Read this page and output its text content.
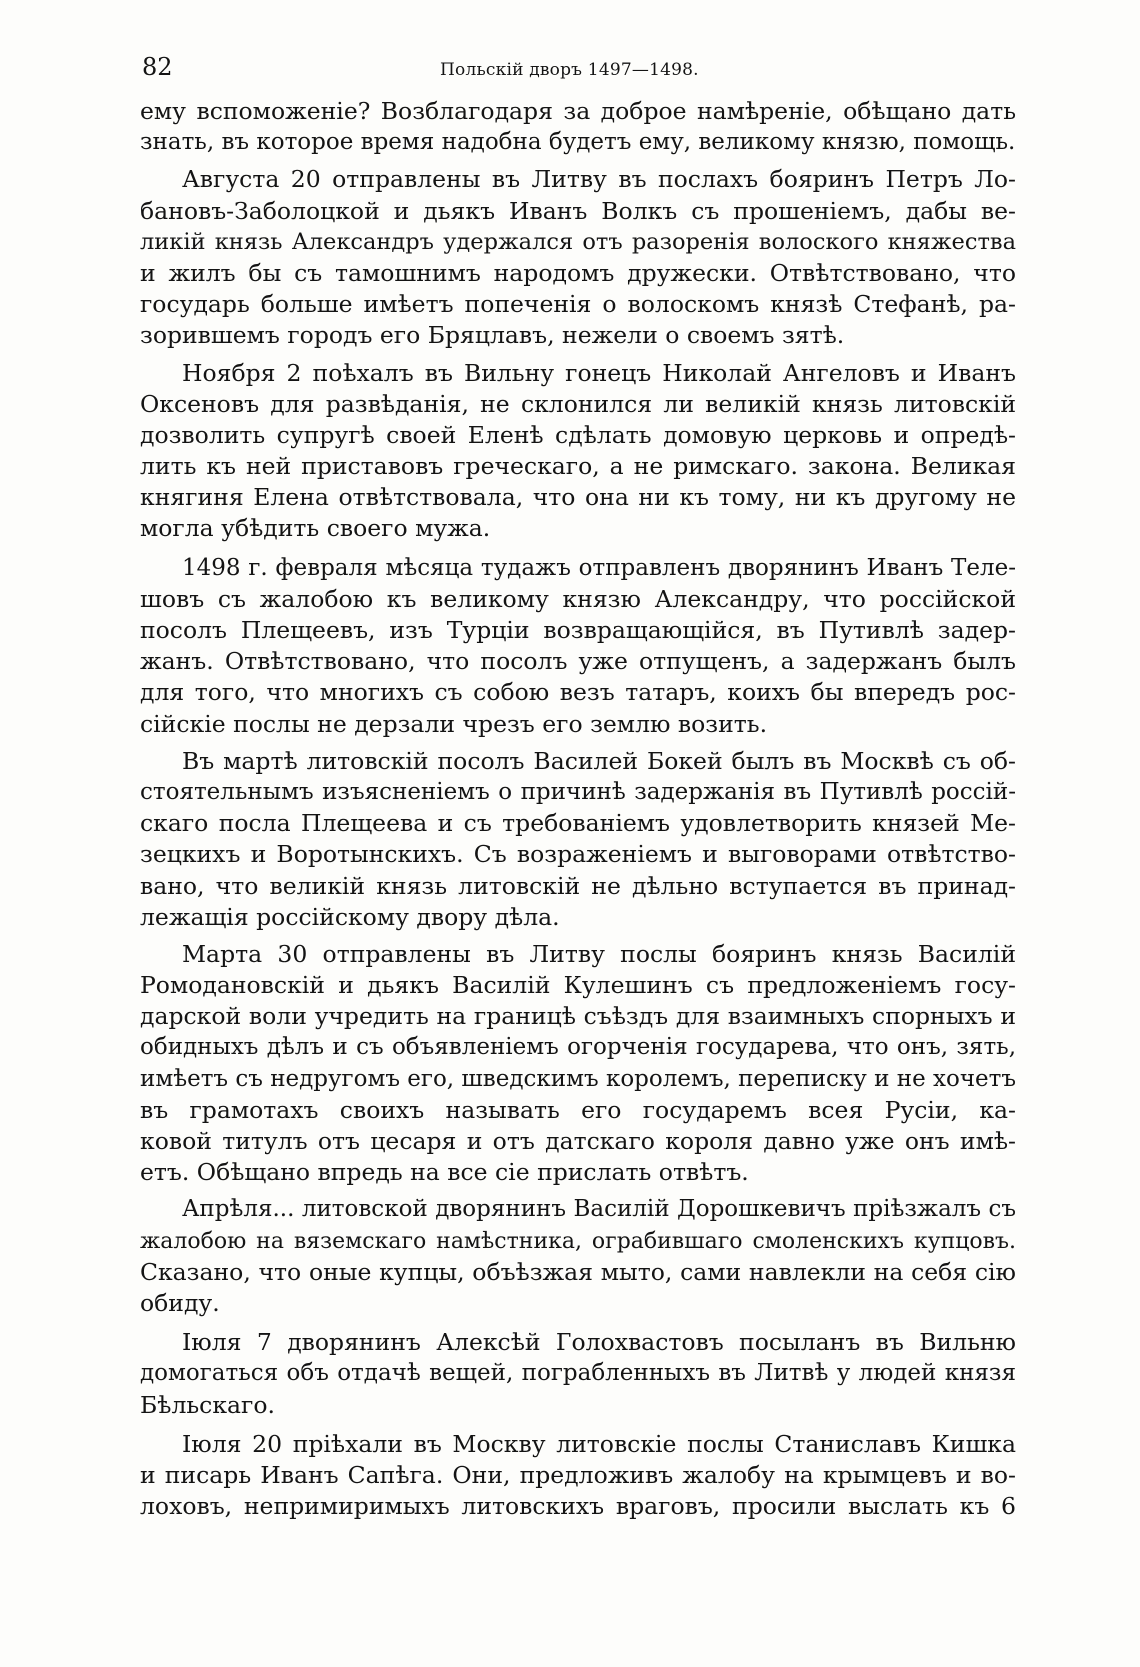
82	Польскій дворъ 1497—1498.
ему вспоможеніе? Возблагодаря за доброе намѣреніе, обѣщано дать
знать, въ которое время надобна будетъ ему, великому князю, помощь.
Августа 20 отправлены въ Литву въ послахъ бояринъ Петръ Ло-
бановъ-Заболоцкой и дьякъ Иванъ Волкъ съ прошеніемъ, дабы ве-
ликій князь Александръ удержался отъ разоренія волоского княжества
и жилъ бы съ тамошнимъ народомъ дружески. Отвѣтствовано, что
государь больше имѣетъ попеченія о волоскомъ князѣ Стефанѣ, ра-
зорившемъ городъ его Бряцлавъ, нежели о своемъ зятѣ.
Ноября 2 поѣхалъ въ Вильну гонецъ Николай Ангеловъ и Иванъ
Оксеновъ для развѣданія, не склонился ли великій князь литовскій
дозволить супругѣ своей Еленѣ сдѣлать домовую церковь и опредѣ-
лить къ ней приставовъ греческаго, а не римскаго. закона. Великая
княгиня Елена отвѣтствовала, что она ни къ тому, ни къ другому не
могла убѣдить своего мужа.
1498 г. февраля мѣсяца тудажъ отправленъ дворянинъ Иванъ Теле-
шовъ съ жалобою къ великому князю Александру, что россійской
посолъ Плещеевъ, изъ Турціи возвращающійся, въ Путивлѣ задер-
жанъ. Отвѣтствовано, что посолъ уже отпущенъ, а задержанъ былъ
для того, что многихъ съ собою везъ татаръ, коихъ бы впередъ рос-
сійскіе послы не дерзали чрезъ его землю возить.
Въ мартѣ литовскій посолъ Василей Бокей былъ въ Москвѣ съ об-
стоятельнымъ изъясненіемъ о причинѣ задержанія въ Путивлѣ россій-
скаго посла Плещеева и съ требованіемъ удовлетворить князей Ме-
зецкихъ и Воротынскихъ. Съ возраженіемъ и выговорами отвѣтство-
вано, что великій князь литовскій не дѣльно вступается въ принад-
лежащія россійскому двору дѣла.
Марта 30 отправлены въ Литву послы бояринъ князь Василій
Ромодановскій и дьякъ Василій Кулешинъ съ предложеніемъ госу-
дарской воли учредить на границѣ съѣздъ для взаимныхъ спорныхъ и
обидныхъ дѣлъ и съ объявленіемъ огорченія государева, что онъ, зять,
имѣетъ съ недругомъ его, шведскимъ королемъ, переписку и не хочетъ
въ грамотахъ своихъ называть его государемъ всея Русіи, ка-
ковой титулъ отъ цесаря и отъ датскаго короля давно уже онъ имѣ-
етъ. Обѣщано впредь на все сіе прислать отвѣтъ.
Апрѣля... литовской дворянинъ Василій Дорошкевичъ пріѣзжалъ съ
жалобою на вяземскаго намѣстника, ограбившаго смоленскихъ купцовъ.
Сказано, что оные купцы, объѣзжая мыто, сами навлекли на себя сію
обиду.
Іюля 7 дворянинъ Алексѣй Голохвастовъ посыланъ въ Вильню
домогаться объ отдачѣ вещей, пограбленныхъ въ Литвѣ у людей князя
Бѣльскаго.
Іюля 20 пріѣхали въ Москву литовскіе послы Станиславъ Кишка
и писарь Иванъ Сапѣга. Они, предложивъ жалобу на крымцевъ и во-
лоховъ, непримиримыхъ литовскихъ враговъ, просили выслать къ 6
